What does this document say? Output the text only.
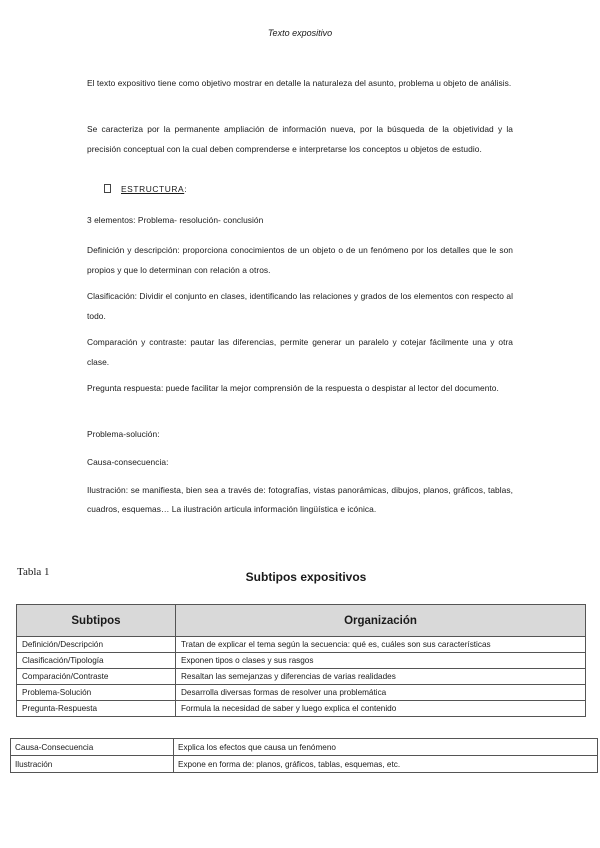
Texto expositivo

El texto expositivo tiene como objetivo mostrar en detalle la naturaleza del asunto, problema u objeto de análisis.

Se caracteriza por la permanente ampliación de información nueva, por la búsqueda de la objetividad y la precisión conceptual con la cual deben comprenderse e interpretarse los conceptos u objetos de estudio.

ESTRUCTURA:

3 elementos: Problema- resolución- conclusión

Definición y descripción: proporciona conocimientos de un objeto o de un fenómeno por los detalles que le son propios y que lo determinan con relación a otros.

Clasificación: Dividir el conjunto en clases, identificando las relaciones y grados de los elementos con respecto al todo.

Comparación y contraste: pautar las diferencias, permite generar un paralelo y cotejar fácilmente una y otra clase.

Pregunta respuesta: puede facilitar la mejor comprensión de la respuesta o despistar al lector del documento.

Problema-solución:

Causa-consecuencia:

Ilustración: se manifiesta, bien sea a través de: fotografías, vistas panorámicas, dibujos, planos, gráficos, tablas, cuadros, esquemas… La ilustración articula información lingüística e icónica.

Tabla 1	Subtipos expositivos
Subtipos	Organización
Definición/Descripción	Tratan de explicar el tema según la secuencia: qué es, cuáles son sus características
Clasificación/Tipología	Exponen tipos o clases y sus rasgos
Comparación/Contraste	Resaltan las semejanzas y diferencias de varias realidades
Problema-Solución	Desarrolla diversas formas de resolver una problemática
Pregunta-Respuesta	Formula la necesidad de saber y luego explica el contenido
Causa-Consecuencia	Explica los efectos que causa un fenómeno
Ilustración	Expone en forma de: planos, gráficos, tablas, esquemas, etc.
